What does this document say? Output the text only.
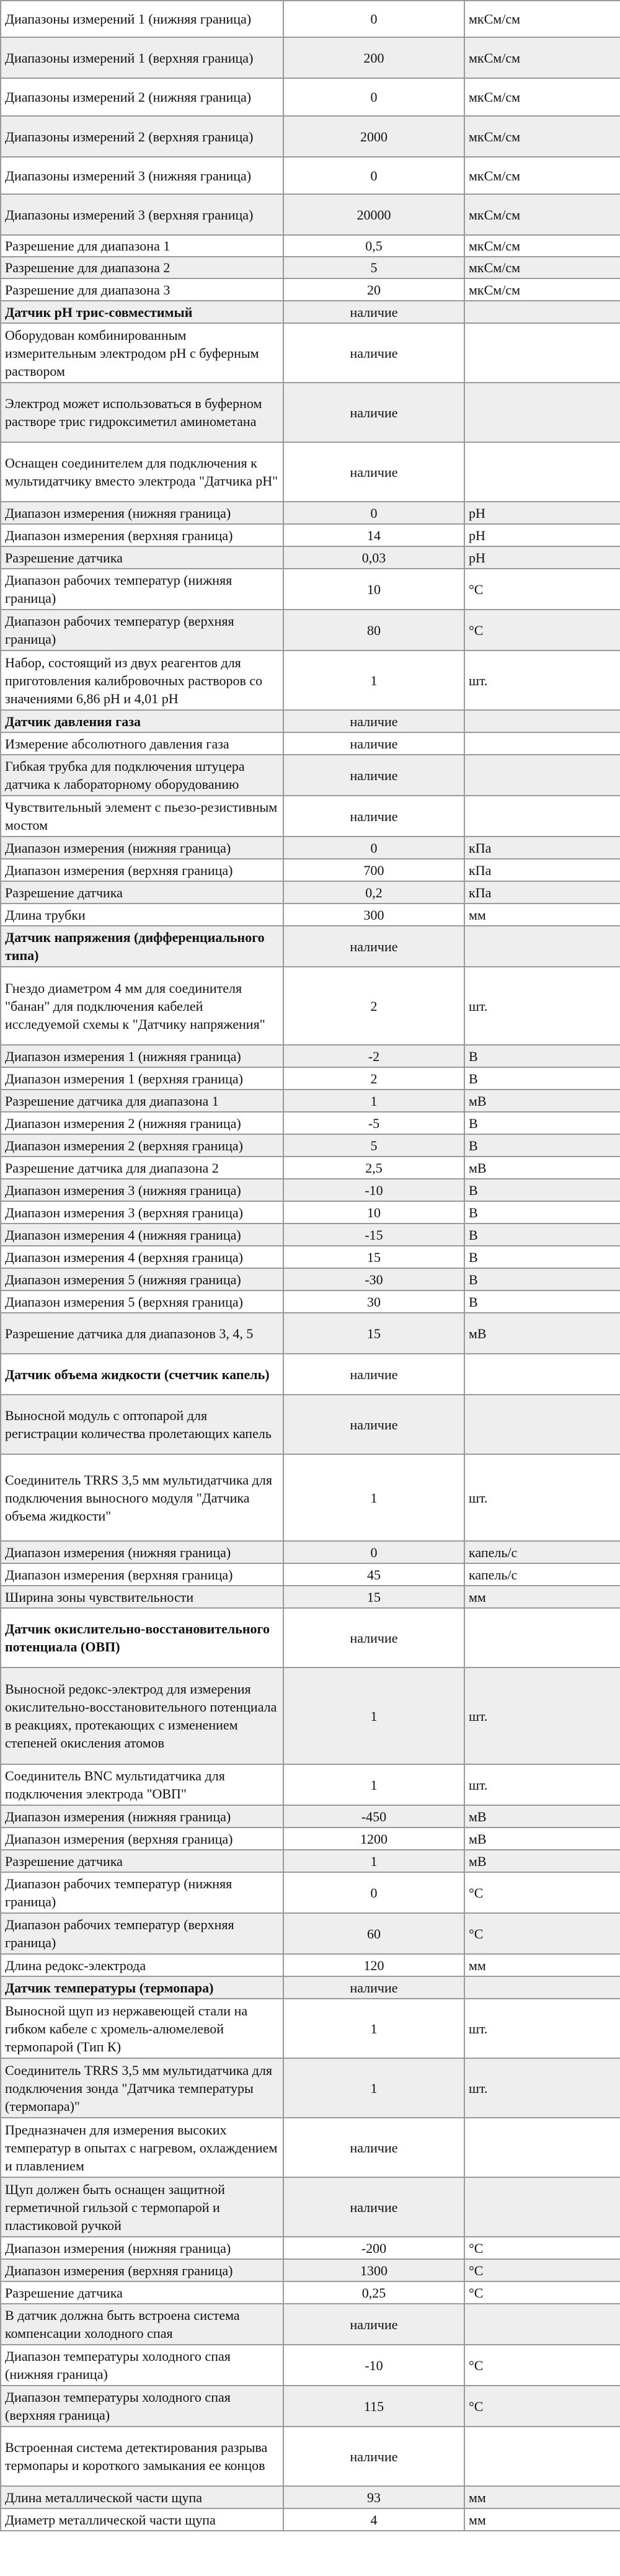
Диапазоны измерений 1 (нижняя граница)	0	мкСм/см
Диапазоны измерений 1 (верхняя граница)	200	мкСм/см
Диапазоны измерений 2 (нижняя граница)	0	мкСм/см
Диапазоны измерений 2 (верхняя граница)	2000	мкСм/см
Диапазоны измерений 3 (нижняя граница)	0	мкСм/см
Диапазоны измерений 3 (верхняя граница)	20000	мкСм/см
Разрешение для диапазона 1	0,5	мкСм/см
Разрешение для диапазона 2	5	мкСм/см
Разрешение для диапазона 3	20	мкСм/см
Датчик pH трис-совместимый	наличие	
Оборудован комбинированным измерительным электродом pH с буферным раствором	наличие	
Электрод может использоваться в буферном растворе трис гидроксиметил аминометана	наличие	
Оснащен соединителем для подключения к мультидатчику вместо электрода "Датчика pH"	наличие	
Диапазон измерения (нижняя граница)	0	pH
Диапазон измерения (верхняя граница)	14	pH
Разрешение датчика	0,03	pH
Диапазон рабочих температур (нижняя граница)	10	°С
Диапазон рабочих температур (верхняя граница)	80	°С
Набор, состоящий из двух реагентов для приготовления калибровочных растворов со значениями 6,86 pH и 4,01 pH	1	шт.
Датчик давления газа	наличие	
Измерение абсолютного давления газа	наличие	
Гибкая трубка для подключения штуцера датчика к лабораторному оборудованию	наличие	
Чувствительный элемент с пьезо-резистивным мостом	наличие	
Диапазон измерения (нижняя граница)	0	кПа
Диапазон измерения (верхняя граница)	700	кПа
Разрешение датчика	0,2	кПа
Длина трубки	300	мм
Датчик напряжения (дифференциального типа)	наличие	
Гнездо диаметром 4 мм для соединителя "банан" для подключения кабелей исследуемой схемы к "Датчику напряжения"	2	шт.
Диапазон измерения 1 (нижняя граница)	-2	В
Диапазон измерения 1 (верхняя граница)	2	В
Разрешение датчика для диапазона 1	1	мВ
Диапазон измерения 2 (нижняя граница)	-5	В
Диапазон измерения 2 (верхняя граница)	5	В
Разрешение датчика для диапазона 2	2,5	мВ
Диапазон измерения 3 (нижняя граница)	-10	В
Диапазон измерения 3 (верхняя граница)	10	В
Диапазон измерения 4 (нижняя граница)	-15	В
Диапазон измерения 4 (верхняя граница)	15	В
Диапазон измерения 5 (нижняя граница)	-30	В
Диапазон измерения 5 (верхняя граница)	30	В
Разрешение датчика для диапазонов 3, 4, 5	15	мВ
Датчик объема жидкости (счетчик капель)	наличие	
Выносной модуль с оптопарой для регистрации количества пролетающих капель	наличие	
Соединитель TRRS 3,5 мм мультидатчика для подключения выносного модуля "Датчика объема жидкости"	1	шт.
Диапазон измерения (нижняя граница)	0	капель/с
Диапазон измерения (верхняя граница)	45	капель/с
Ширина зоны чувствительности	15	мм
Датчик окислительно-восстановительного потенциала (ОВП)	наличие	
Выносной редокс-электрод для измерения окислительно-восстановительного потенциала в реакциях, протекающих с изменением степеней окисления атомов	1	шт.
Соединитель BNC мультидатчика для подключения электрода "ОВП"	1	шт.
Диапазон измерения (нижняя граница)	-450	мВ
Диапазон измерения (верхняя граница)	1200	мВ
Разрешение датчика	1	мВ
Диапазон рабочих температур (нижняя граница)	0	°С
Диапазон рабочих температур (верхняя граница)	60	°С
Длина редокс-электрода	120	мм
Датчик температуры (термопара)	наличие	
Выносной щуп из нержавеющей стали на гибком кабеле с хромель-алюмелевой термопарой (Тип К)	1	шт.
Соединитель TRRS 3,5 мм мультидатчика для подключения зонда "Датчика температуры (термопара)"	1	шт.
Предназначен для измерения высоких температур в опытах с нагревом, охлаждением и плавлением	наличие	
Щуп должен быть оснащен защитной герметичной гильзой с термопарой и пластиковой ручкой	наличие	
Диапазон измерения (нижняя граница)	-200	°С
Диапазон измерения (верхняя граница)	1300	°С
Разрешение датчика	0,25	°С
В датчик должна быть встроена система компенсации холодного спая	наличие	
Диапазон температуры холодного спая (нижняя граница)	-10	°С
Диапазон температуры холодного спая (верхняя граница)	115	°С
Встроенная система детектирования разрыва термопары и короткого замыкания ее концов	наличие	
Длина металлической части щупа	93	мм
Диаметр металлической части щупа	4	мм
